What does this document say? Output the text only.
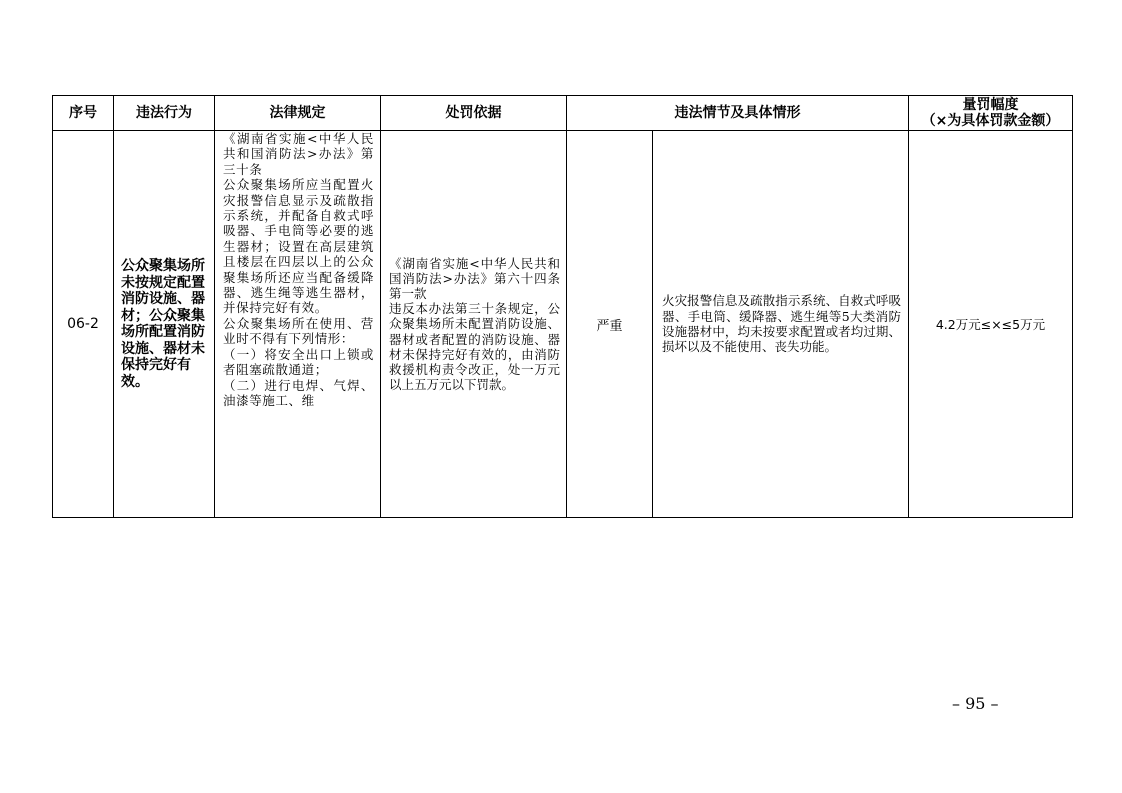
序号	违法行为	法律规定	处罚依据	违法情节及具体情形		量罚幅度
（×为具体罚款金额）

06-2	公众聚集场所未按规定配置消防设施、器材；公众聚集场所配置消防设施、器材未保持完好有效。	《湖南省实施<中华人民共和国消防法>办法》第三十条
公众聚集场所应当配置火灾报警信息显示及疏散指示系统，并配备自救式呼吸器、手电筒等必要的逃生器材；设置在高层建筑且楼层在四层以上的公众聚集场所还应当配备缓降器、逃生绳等逃生器材，并保持完好有效。
公众聚集场所在使用、营业时不得有下列情形：
（一）将安全出口上锁或者阻塞疏散通道；
（二）进行电焊、气焊、油漆等施工、维	《湖南省实施<中华人民共和国消防法>办法》第六十四条第一款
违反本办法第三十条规定，公众聚集场所未配置消防设施、器材或者配置的消防设施、器材未保持完好有效的，由消防救援机构责令改正，处一万元以上五万元以下罚款。	严重	火灾报警信息及疏散指示系统、自救式呼吸器、手电筒、缓降器、逃生绳等5大类消防设施器材中，均未按要求配置或者均过期、损坏以及不能使用、丧失功能。	4.2万元≤×≤5万元
– 95 –
